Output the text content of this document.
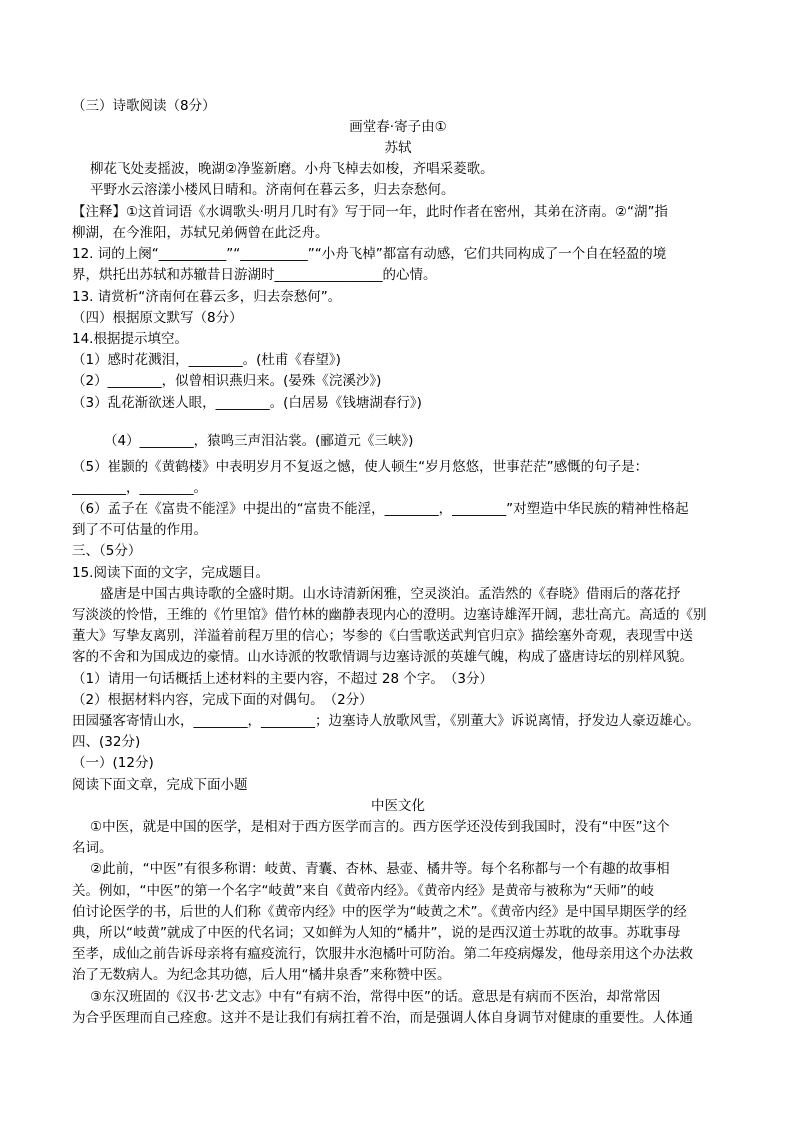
（三）诗歌阅读（8分）
画堂春·寄子由①
苏轼
柳花飞处麦摇波，晚湖②净鉴新磨。小舟飞棹去如梭，齐唱采菱歌。
平野水云溶漾小楼风日晴和。济南何在暮云多，归去奈愁何。
【注释】①这首词语《水调歌头·明月几时有》写于同一年，此时作者在密州，其弟在济南。②“湖”指
柳湖，在今淮阳，苏轼兄弟俩曾在此泛舟。
12. 词的上阕“__________”“__________”“小舟飞棹”都富有动感，它们共同构成了一个自在轻盈的境
界，烘托出苏轼和苏辙昔日游湖时________________的心情。
13. 请赏析“济南何在暮云多，归去奈愁何”。
（四）根据原文默写（8分）
14.根据提示填空。
（1）感时花溅泪，________。(杜甫《春望》)
（2）________，似曾相识燕归来。(晏殊《浣溪沙》)
（3）乱花渐欲迷人眼，________。(白居易《钱塘湖春行》)
（4）________，猿鸣三声泪沾裳。(郦道元《三峡》)
（5）崔颢的《黄鹤楼》中表明岁月不复返之憾，使人顿生“岁月悠悠，世事茫茫”感慨的句子是：
________，________。
（6）孟子在《富贵不能淫》中提出的“富贵不能淫，________，________”对塑造中华民族的精神性格起
到了不可估量的作用。
三、（5分）
15.阅读下面的文字，完成题目。
盛唐是中国古典诗歌的全盛时期。山水诗清新闲雅，空灵淡泊。孟浩然的《春晓》借雨后的落花抒
写淡淡的怜惜，王维的《竹里馆》借竹林的幽静表现内心的澄明。边塞诗雄浑开阔，悲壮高亢。高适的《别
董大》写挚友离别，洋溢着前程万里的信心；岑参的《白雪歌送武判官归京》描绘塞外奇观，表现雪中送
客的不舍和为国成边的豪情。山水诗派的牧歌情调与边塞诗派的英雄气魄，构成了盛唐诗坛的别样风貌。
（1）请用一句话概括上述材料的主要内容，不超过 28 个字。　（3分）
（2）根据材料内容，完成下面的对偶句。　（2分）
田园骚客寄情山水，________，________；边塞诗人放歌风雪，《别董大》诉说离情，抒发边人豪迈雄心。
四、(32分)
（一）(12分)
阅读下面文章，完成下面小题
中医文化
①中医，就是中国的医学，是相对于西方医学而言的。西方医学还没传到我国时，没有“中医”这个
名词。
②此前，“中医”有很多称谓：岐黄、青囊、杏林、悬壶、橘井等。每个名称都与一个有趣的故事相
关。例如，“中医”的第一个名字“岐黄”来自《黄帝内经》。《黄帝内经》是黄帝与被称为“天师”的岐
伯讨论医学的书，后世的人们称《黄帝内经》中的医学为“岐黄之术”。《黄帝内经》是中国早期医学的经
典，所以“岐黄”就成了中医的代名词；又如鲜为人知的“橘井”，说的是西汉道士苏耽的故事。苏耽事母
至孝，成仙之前告诉母亲将有瘟疫流行，饮服井水泡橘叶可防治。第二年疫病爆发，他母亲用这个办法救
治了无数病人。为纪念其功德，后人用“橘井泉香”来称赞中医。
③东汉班固的《汉书·艺文志》中有“有病不治，常得中医”的话。意思是有病而不医治，却常常因
为合乎医理而自己痊愈。这并不是让我们有病扛着不治，而是强调人体自身调节对健康的重要性。人体通
